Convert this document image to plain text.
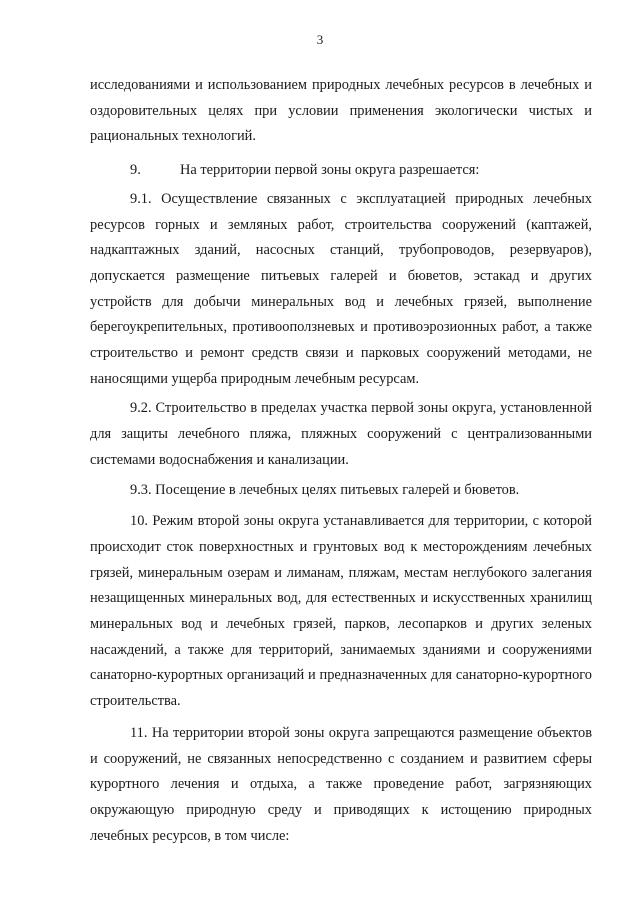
3

исследованиями и использованием природных лечебных ресурсов в лечебных и оздоровительных целях при условии применения экологически чистых и рациональных технологий.

9.	На территории первой зоны округа разрешается:

9.1. Осуществление связанных с эксплуатацией природных лечебных ресурсов горных и земляных работ, строительства сооружений (каптажей, надкаптажных зданий, насосных станций, трубопроводов, резервуаров), допускается размещение питьевых галерей и бюветов, эстакад и других устройств для добычи минеральных вод и лечебных грязей, выполнение берегоукрепительных, противооползневых и противоэрозионных работ, а также строительство и ремонт средств связи и парковых сооружений методами, не наносящими ущерба природным лечебным ресурсам.

9.2. Строительство в пределах участка первой зоны округа, установленной для защиты лечебного пляжа, пляжных сооружений с централизованными системами водоснабжения и канализации.

9.3. Посещение в лечебных целях питьевых галерей и бюветов.

10. Режим второй зоны округа устанавливается для территории, с которой происходит сток поверхностных и грунтовых вод к месторождениям лечебных грязей, минеральным озерам и лиманам, пляжам, местам неглубокого залегания незащищенных минеральных вод, для естественных и искусственных хранилищ минеральных вод и лечебных грязей, парков, лесопарков и других зеленых насаждений, а также для территорий, занимаемых зданиями и сооружениями санаторно-курортных организаций и предназначенных для санаторно-курортного строительства.

11. На территории второй зоны округа запрещаются размещение объектов и сооружений, не связанных непосредственно с созданием и развитием сферы курортного лечения и отдыха, а также проведение работ, загрязняющих окружающую природную среду и приводящих к истощению природных лечебных ресурсов, в том числе:
